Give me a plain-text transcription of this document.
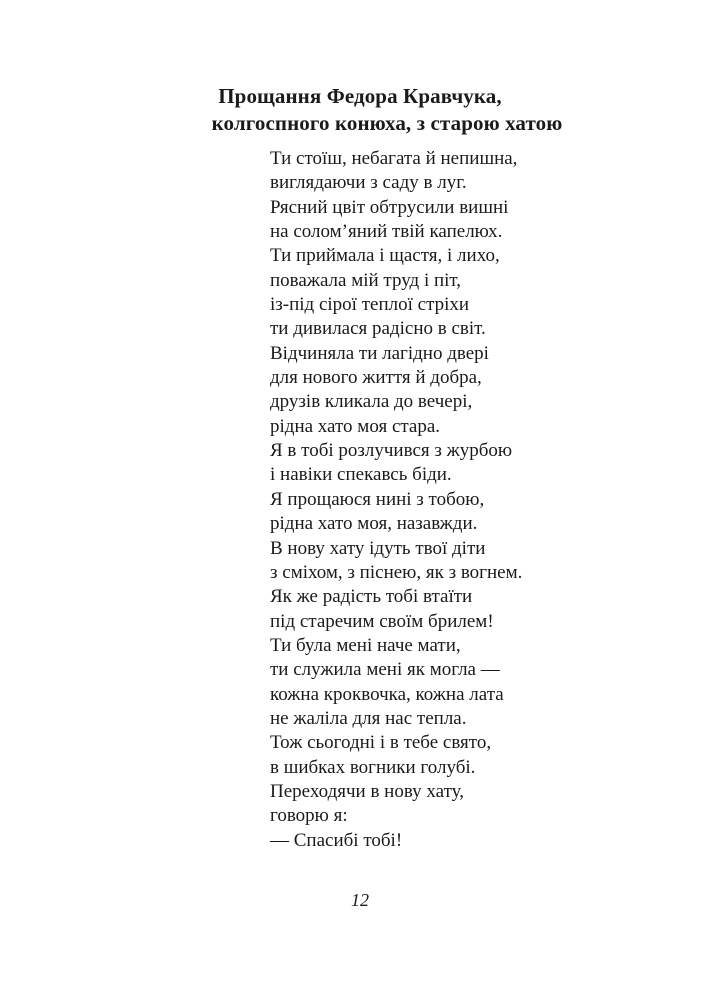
Прощання Федора Кравчука,
колгоспного конюха, з старою хатою
Ти стоїш, небагата й непишна,
виглядаючи з саду в луг.
Рясний цвіт обтрусили вишні
на солом’яний твій капелюх.
Ти приймала і щастя, і лихо,
поважала мій труд і піт,
із-під сірої теплої стріхи
ти дивилася радісно в світ.
Відчиняла ти лагідно двері
для нового життя й добра,
друзів кликала до вечері,
рідна хато моя стара.
Я в тобі розлучився з журбою
і навіки спекавсь біди.
Я прощаюся нині з тобою,
рідна хато моя, назавжди.
В нову хату ідуть твої діти
з сміхом, з піснею, як з вогнем.
Як же радість тобі втаїти
під старечим своїм брилем!
Ти була мені наче мати,
ти служила мені як могла —
кожна кроквочка, кожна лата
не жаліла для нас тепла.
Тож сьогодні і в тебе свято,
в шибках вогники голубі.
Переходячи в нову хату,
говорю я:
— Спасибі тобі!
12
